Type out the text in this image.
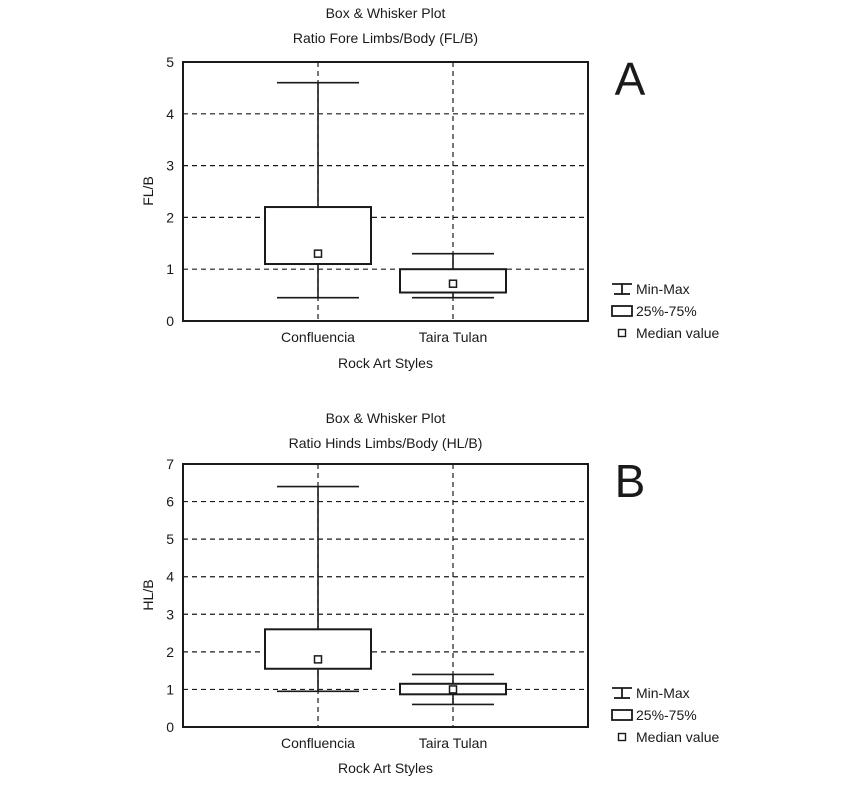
Box & Whisker Plot
Ratio Fore Limbs/Body (FL/B)
A
FL/B
Confluencia	Taira Tulan
0
1
2
3
4
5
Rock Art Styles
Min-Max
25%-75%
Median value
Box & Whisker Plot
Ratio Hinds Limbs/Body (HL/B)
B
HL/B
Confluencia	Taira Tulan
0
1
2
3
4
5
6
7
Rock Art Styles
Min-Max
25%-75%
Median value
